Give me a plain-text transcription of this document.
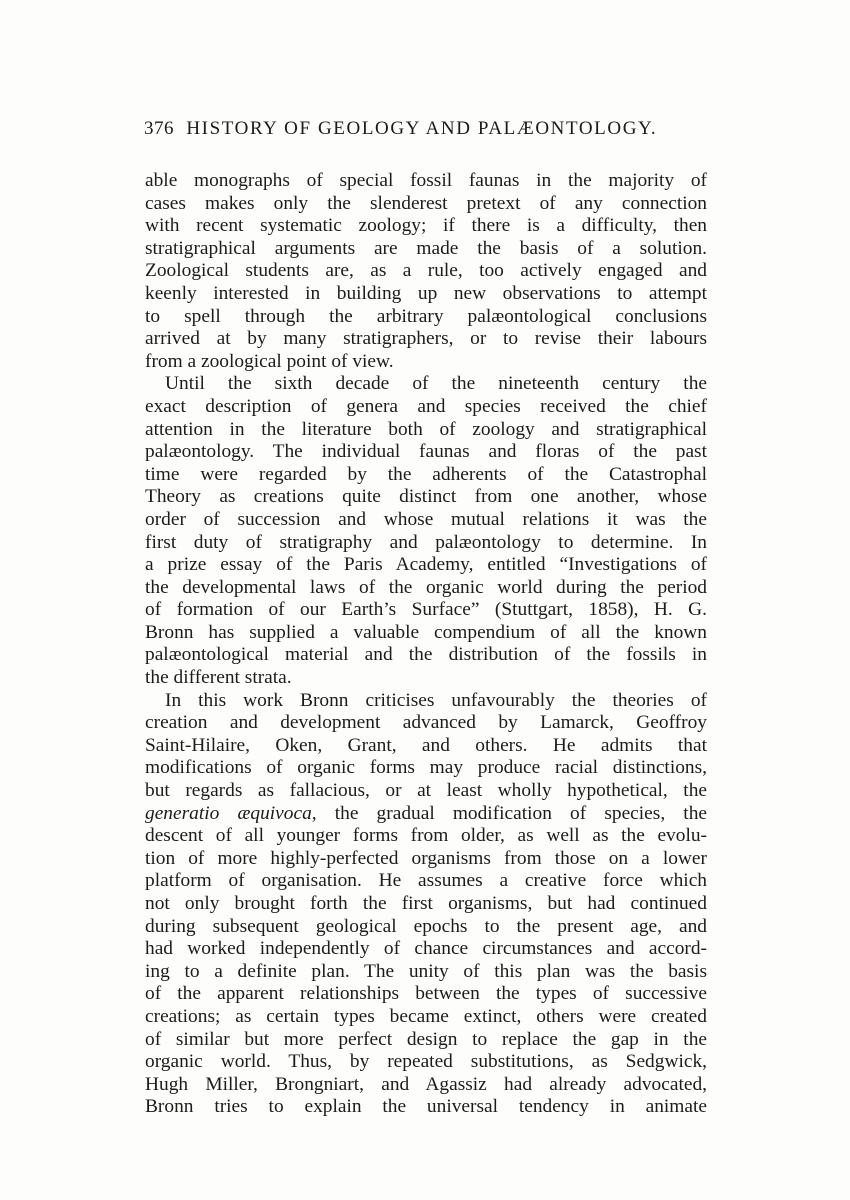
376 HISTORY OF GEOLOGY AND PALÆONTOLOGY.
able monographs of special fossil faunas in the majority of
cases makes only the slenderest pretext of any connection
with recent systematic zoology; if there is a difficulty, then
stratigraphical arguments are made the basis of a solution.
Zoological students are, as a rule, too actively engaged and
keenly interested in building up new observations to attempt
to spell through the arbitrary palæontological conclusions
arrived at by many stratigraphers, or to revise their labours
from a zoological point of view.
Until the sixth decade of the nineteenth century the
exact description of genera and species received the chief
attention in the literature both of zoology and stratigraphical
palæontology. The individual faunas and floras of the past
time were regarded by the adherents of the Catastrophal
Theory as creations quite distinct from one another, whose
order of succession and whose mutual relations it was the
first duty of stratigraphy and palæontology to determine. In
a prize essay of the Paris Academy, entitled “Investigations of
the developmental laws of the organic world during the period
of formation of our Earth’s Surface” (Stuttgart, 1858), H. G.
Bronn has supplied a valuable compendium of all the known
palæontological material and the distribution of the fossils in
the different strata.
In this work Bronn criticises unfavourably the theories of
creation and development advanced by Lamarck, Geoffroy
Saint-Hilaire, Oken, Grant, and others. He admits that
modifications of organic forms may produce racial distinctions,
but regards as fallacious, or at least wholly hypothetical, the
generatio æquivoca, the gradual modification of species, the
descent of all younger forms from older, as well as the evolu-
tion of more highly-perfected organisms from those on a lower
platform of organisation. He assumes a creative force which
not only brought forth the first organisms, but had continued
during subsequent geological epochs to the present age, and
had worked independently of chance circumstances and accord-
ing to a definite plan. The unity of this plan was the basis
of the apparent relationships between the types of successive
creations; as certain types became extinct, others were created
of similar but more perfect design to replace the gap in the
organic world. Thus, by repeated substitutions, as Sedgwick,
Hugh Miller, Brongniart, and Agassiz had already advocated,
Bronn tries to explain the universal tendency in animate
